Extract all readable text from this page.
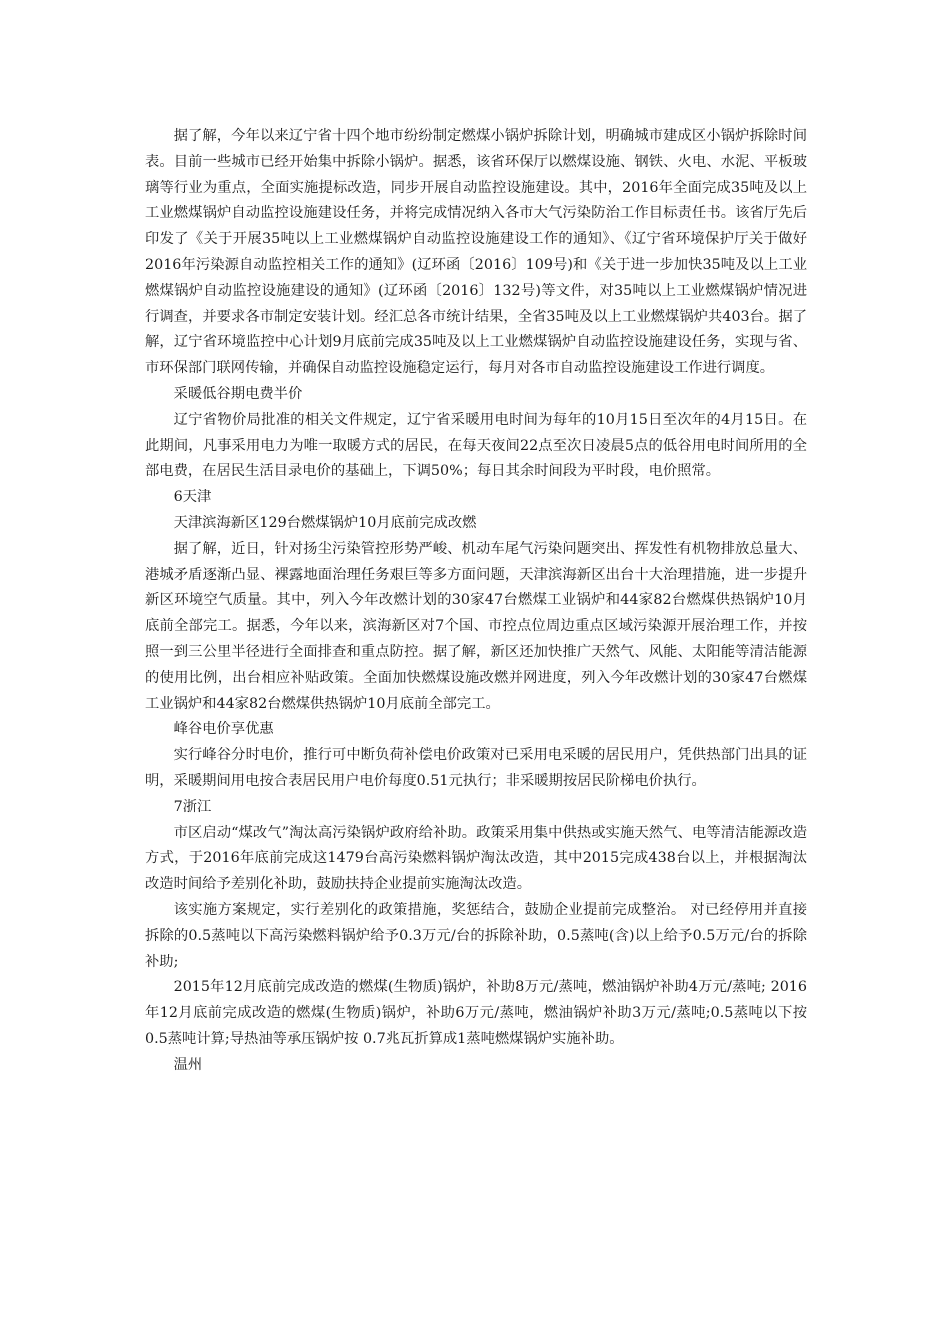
据了解，今年以来辽宁省十四个地市纷纷制定燃煤小锅炉拆除计划，明确城市建成区小锅炉拆除时间表。目前一些城市已经开始集中拆除小锅炉。据悉，该省环保厅以燃煤设施、钢铁、火电、水泥、平板玻璃等行业为重点，全面实施提标改造，同步开展自动监控设施建设。其中，2016年全面完成35吨及以上工业燃煤锅炉自动监控设施建设任务，并将完成情况纳入各市大气污染防治工作目标责任书。该省厅先后印发了《关于开展35吨以上工业燃煤锅炉自动监控设施建设工作的通知》、《辽宁省环境保护厅关于做好2016年污染源自动监控相关工作的通知》(辽环函〔2016〕109号)和《关于进一步加快35吨及以上工业燃煤锅炉自动监控设施建设的通知》(辽环函〔2016〕132号)等文件，对35吨以上工业燃煤锅炉情况进行调查，并要求各市制定安装计划。经汇总各市统计结果，全省35吨及以上工业燃煤锅炉共403台。据了解，辽宁省环境监控中心计划9月底前完成35吨及以上工业燃煤锅炉自动监控设施建设任务，实现与省、市环保部门联网传输，并确保自动监控设施稳定运行，每月对各市自动监控设施建设工作进行调度。

采暖低谷期电费半价

辽宁省物价局批准的相关文件规定，辽宁省采暖用电时间为每年的10月15日至次年的4月15日。在此期间，凡事采用电力为唯一取暖方式的居民，在每天夜间22点至次日凌晨5点的低谷用电时间所用的全部电费，在居民生活目录电价的基础上，下调50%；每日其余时间段为平时段，电价照常。

6天津

天津滨海新区129台燃煤锅炉10月底前完成改燃

据了解，近日，针对扬尘污染管控形势严峻、机动车尾气污染问题突出、挥发性有机物排放总量大、港城矛盾逐渐凸显、裸露地面治理任务艰巨等多方面问题，天津滨海新区出台十大治理措施，进一步提升新区环境空气质量。其中，列入今年改燃计划的30家47台燃煤工业锅炉和44家82台燃煤供热锅炉10月底前全部完工。据悉，今年以来，滨海新区对7个国、市控点位周边重点区域污染源开展治理工作，并按照一到三公里半径进行全面排查和重点防控。据了解，新区还加快推广天然气、风能、太阳能等清洁能源的使用比例，出台相应补贴政策。全面加快燃煤设施改燃并网进度，列入今年改燃计划的30家47台燃煤工业锅炉和44家82台燃煤供热锅炉10月底前全部完工。

峰谷电价享优惠

实行峰谷分时电价，推行可中断负荷补偿电价政策对已采用电采暖的居民用户，凭供热部门出具的证明，采暖期间用电按合表居民用户电价每度0.51元执行；非采暖期按居民阶梯电价执行。

7浙江

市区启动“煤改气”淘汰高污染锅炉政府给补助。政策采用集中供热或实施天然气、电等清洁能源改造方式，于2016年底前完成这1479台高污染燃料锅炉淘汰改造，其中2015完成438台以上，并根据淘汰改造时间给予差别化补助，鼓励扶持企业提前实施淘汰改造。

该实施方案规定，实行差别化的政策措施，奖惩结合，鼓励企业提前完成整治。 对已经停用并直接拆除的0.5蒸吨以下高污染燃料锅炉给予0.3万元/台的拆除补助，0.5蒸吨(含)以上给予0.5万元/台的拆除补助;

2015年12月底前完成改造的燃煤(生物质)锅炉，补助8万元/蒸吨，燃油锅炉补助4万元/蒸吨; 2016年12月底前完成改造的燃煤(生物质)锅炉，补助6万元/蒸吨，燃油锅炉补助3万元/蒸吨;0.5蒸吨以下按0.5蒸吨计算;导热油等承压锅炉按 0.7兆瓦折算成1蒸吨燃煤锅炉实施补助。

温州
